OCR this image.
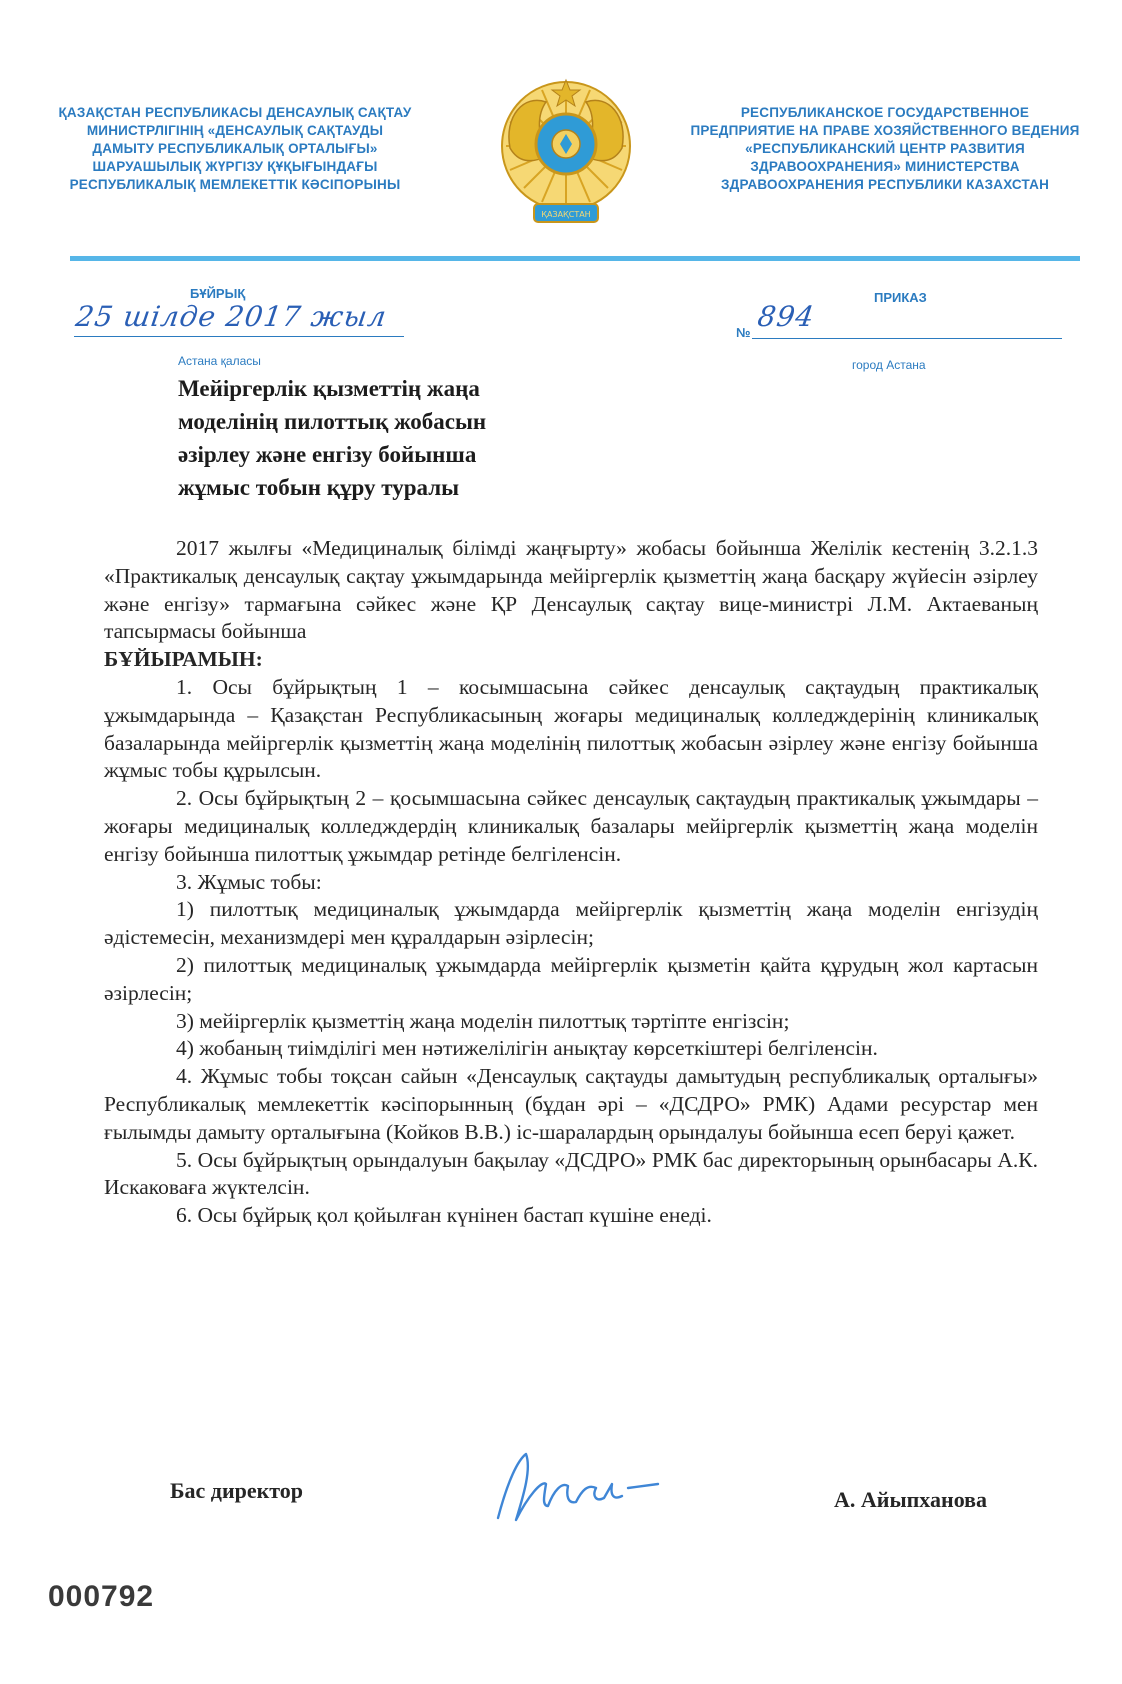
ҚАЗАҚСТАН РЕСПУБЛИКАСЫ ДЕНСАУЛЫҚ САҚТАУ МИНИСТРЛІГІНІҢ «ДЕНСАУЛЫҚ САҚТАУДЫ ДАМЫТУ РЕСПУБЛИКАЛЫҚ ОРТАЛЫҒЫ» ШАРУАШЫЛЫҚ ЖҮРГІЗУ ҚҰҚЫҒЫНДАҒЫ РЕСПУБЛИКАЛЫҚ МЕМЛЕКЕТТІК КӘСІПОРЫНЫ
ҚАЗАҚСТАН
РЕСПУБЛИКАНСКОЕ ГОСУДАРСТВЕННОЕ ПРЕДПРИЯТИЕ НА ПРАВЕ ХОЗЯЙСТВЕННОГО ВЕДЕНИЯ «РЕСПУБЛИКАНСКИЙ ЦЕНТР РАЗВИТИЯ ЗДРАВООХРАНЕНИЯ» МИНИСТЕРСТВА ЗДРАВООХРАНЕНИЯ РЕСПУБЛИКИ КАЗАХСТАН
БҰЙРЫҚ	ПРИКАЗ
25 шілде 2017 жыл	№ 894
Астана қаласы	город Астана
Мейіргерлік қызметтің жаңа
моделінің пилоттық жобасын
әзірлеу және енгізу бойынша
жұмыс тобын құру туралы

2017 жылғы «Медициналық білімді жаңғырту» жобасы бойынша Желілік кестенің 3.2.1.3 «Практикалық денсаулық сақтау ұжымдарында мейіргерлік қызметтің жаңа басқару жүйесін әзірлеу және енгізу» тармағына сәйкес және ҚР Денсаулық сақтау вице-министрі Л.М. Актаеваның тапсырмасы бойынша

БҰЙЫРАМЫН:

1. Осы бұйрықтың 1 – косымшасына сәйкес денсаулық сақтаудың практикалық ұжымдарында – Қазақстан Республикасының жоғары медициналық колледждерінің клиникалық базаларында мейіргерлік қызметтің жаңа моделінің пилоттық жобасын әзірлеу және енгізу бойынша жұмыс тобы құрылсын.

2. Осы бұйрықтың 2 – қосымшасына сәйкес денсаулық сақтаудың практикалық ұжымдары – жоғары медициналық колледждердің клиникалық базалары мейіргерлік қызметтің жаңа моделін енгізу бойынша пилоттық ұжымдар ретінде белгіленсін.

3. Жұмыс тобы:

1) пилоттық медициналық ұжымдарда мейіргерлік қызметтің жаңа моделін енгізудің әдістемесін, механизмдері мен құралдарын әзірлесін;

2) пилоттық медициналық ұжымдарда мейіргерлік қызметін қайта құрудың жол картасын әзірлесін;

3) мейіргерлік қызметтің жаңа моделін пилоттық тәртіпте енгізсін;

4) жобаның тиімділігі мен нәтижелілігін анықтау көрсеткіштері белгіленсін.

4. Жұмыс тобы тоқсан сайын «Денсаулық сақтауды дамытудың республикалық орталығы» Республикалық мемлекеттік кәсіпорынның (бұдан әрі – «ДСДРО» РМК) Адами ресурстар мен ғылымды дамыту орталығына (Койков В.В.) іс-шаралардың орындалуы бойынша есеп беруі қажет.

5. Осы бұйрықтың орындалуын бақылау «ДСДРО» РМК бас директорының орынбасары А.К. Искаковаға жүктелсін.

6. Осы бұйрық қол қойылған күнінен бастап күшіне енеді.

Бас директор	А. Айыпханова
000792
